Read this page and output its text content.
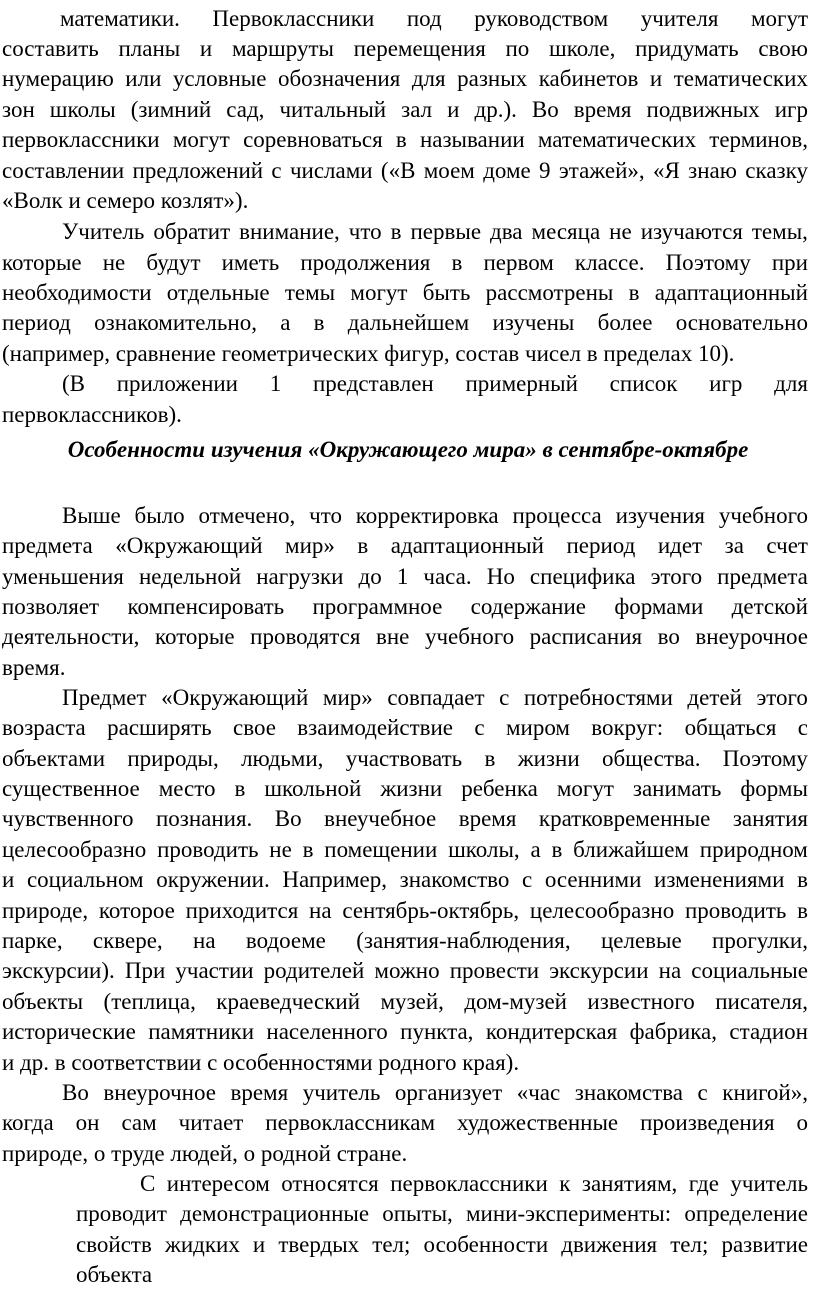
математики. Первоклассники под руководством учителя могут
составить планы и маршруты перемещения по школе, придумать свою
нумерацию или условные обозначения для разных кабинетов и тематических
зон школы (зимний сад, читальный зал и др.). Во время подвижных игр
первоклассники могут соревноваться в назывании математических терминов,
составлении предложений с числами («В моем доме 9 этажей», «Я знаю сказку
«Волк и семеро козлят»).
Учитель обратит внимание, что в первые два месяца не изучаются темы,
которые не будут иметь продолжения в первом классе. Поэтому при
необходимости отдельные темы могут быть рассмотрены в адаптационный
период ознакомительно, а в дальнейшем изучены более основательно
(например, сравнение геометрических фигур, состав чисел в пределах 10).
(В приложении 1 представлен примерный список игр для
первоклассников).
Особенности изучения «Окружающего мира» в сентябре-октябре
Выше было отмечено, что корректировка процесса изучения учебного
предмета «Окружающий мир» в адаптационный период идет за счет
уменьшения недельной нагрузки до 1 часа. Но специфика этого предмета
позволяет компенсировать программное содержание формами детской
деятельности, которые проводятся вне учебного расписания во внеурочное
время.
Предмет «Окружающий мир» совпадает с потребностями детей этого
возраста расширять свое взаимодействие с миром вокруг: общаться с
объектами природы, людьми, участвовать в жизни общества. Поэтому
существенное место в школьной жизни ребенка могут занимать формы
чувственного познания. Во внеучебное время кратковременные занятия
целесообразно проводить не в помещении школы, а в ближайшем природном
и социальном окружении. Например, знакомство с осенними изменениями в
природе, которое приходится на сентябрь-октябрь, целесообразно проводить в
парке, сквере, на водоеме (занятия-наблюдения, целевые прогулки,
экскурсии). При участии родителей можно провести экскурсии на социальные
объекты (теплица, краеведческий музей, дом-музей известного писателя,
исторические памятники населенного пункта, кондитерская фабрика, стадион
и др. в соответствии с особенностями родного края).
Во внеурочное время учитель организует «час знакомства с книгой»,
когда он сам читает первоклассникам художественные произведения о
природе, о труде людей, о родной стране.
С интересом относятся первоклассники к занятиям, где учитель
проводит демонстрационные опыты, мини-эксперименты: определение
свойств жидких и твердых тел; особенности движения тел; развитие
объекта
